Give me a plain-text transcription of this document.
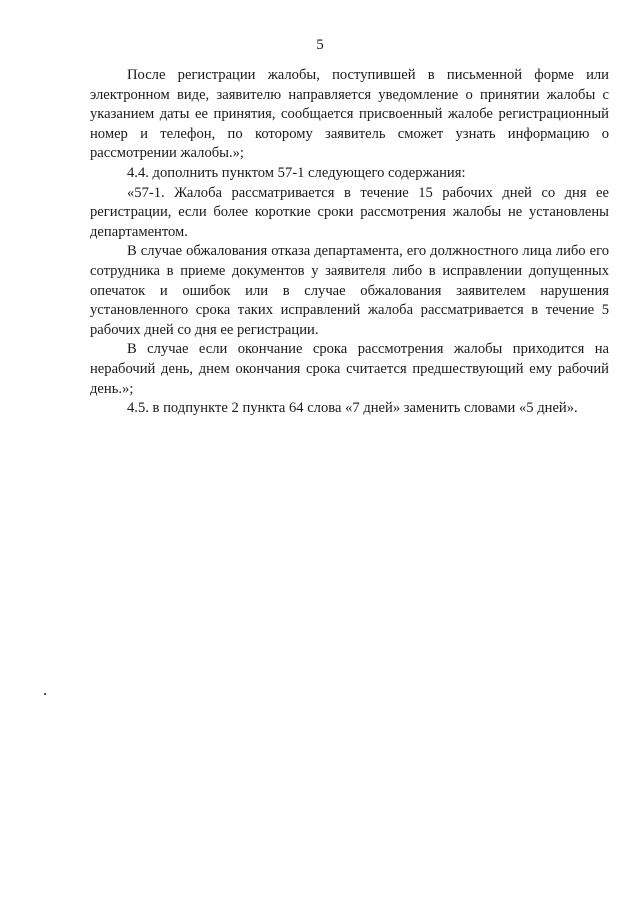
5

После регистрации жалобы, поступившей в письменной форме или электронном виде, заявителю направляется уведомление о принятии жалобы с указанием даты ее принятия, сообщается присвоенный жалобе регистрационный номер и телефон, по которому заявитель сможет узнать информацию о рассмотрении жалобы.»;

4.4. дополнить пунктом 57-1 следующего содержания:

«57-1. Жалоба рассматривается в течение 15 рабочих дней со дня ее регистрации, если более короткие сроки рассмотрения жалобы не установлены департаментом.

В случае обжалования отказа департамента, его должностного лица либо его сотрудника в приеме документов у заявителя либо в исправлении допущенных опечаток и ошибок или в случае обжалования заявителем нарушения установленного срока таких исправлений жалоба рассматривается в течение 5 рабочих дней со дня ее регистрации.

В случае если окончание срока рассмотрения жалобы приходится на нерабочий день, днем окончания срока считается предшествующий ему рабочий день.»;

4.5. в подпункте 2 пункта 64 слова «7 дней» заменить словами «5 дней».
